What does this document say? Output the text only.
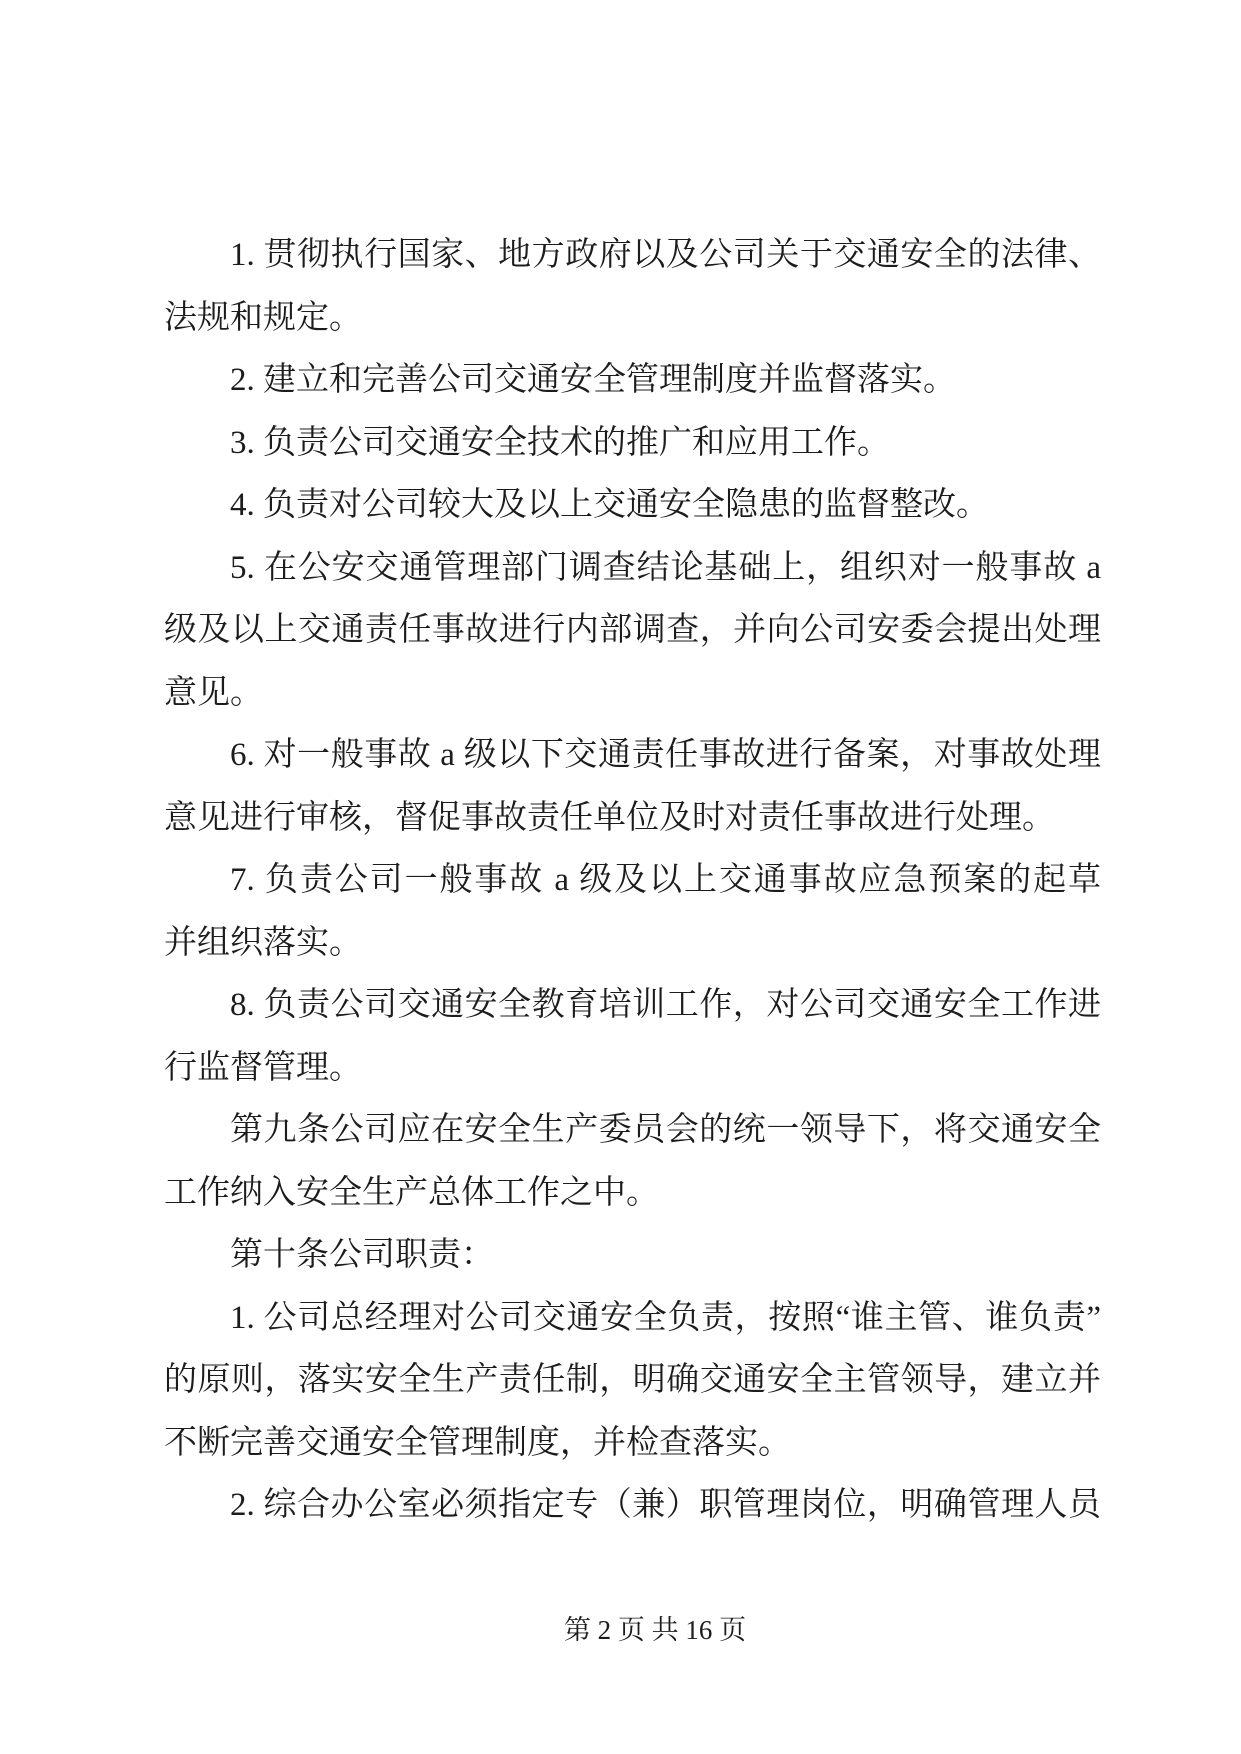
1. 贯彻执行国家、地方政府以及公司关于交通安全的法律、
法规和规定。
2. 建立和完善公司交通安全管理制度并监督落实。
3. 负责公司交通安全技术的推广和应用工作。
4. 负责对公司较大及以上交通安全隐患的监督整改。
5. 在公安交通管理部门调查结论基础上，组织对一般事故 a
级及以上交通责任事故进行内部调查，并向公司安委会提出处理
意见。
6. 对一般事故 a 级以下交通责任事故进行备案，对事故处理
意见进行审核，督促事故责任单位及时对责任事故进行处理。
7. 负责公司一般事故 a 级及以上交通事故应急预案的起草
并组织落实。
8. 负责公司交通安全教育培训工作，对公司交通安全工作进
行监督管理。
第九条公司应在安全生产委员会的统一领导下，将交通安全
工作纳入安全生产总体工作之中。
第十条公司职责：
1. 公司总经理对公司交通安全负责，按照“谁主管、谁负责”
的原则，落实安全生产责任制，明确交通安全主管领导，建立并
不断完善交通安全管理制度，并检查落实。
2. 综合办公室必须指定专（兼）职管理岗位，明确管理人员
第 2 页 共 16 页
